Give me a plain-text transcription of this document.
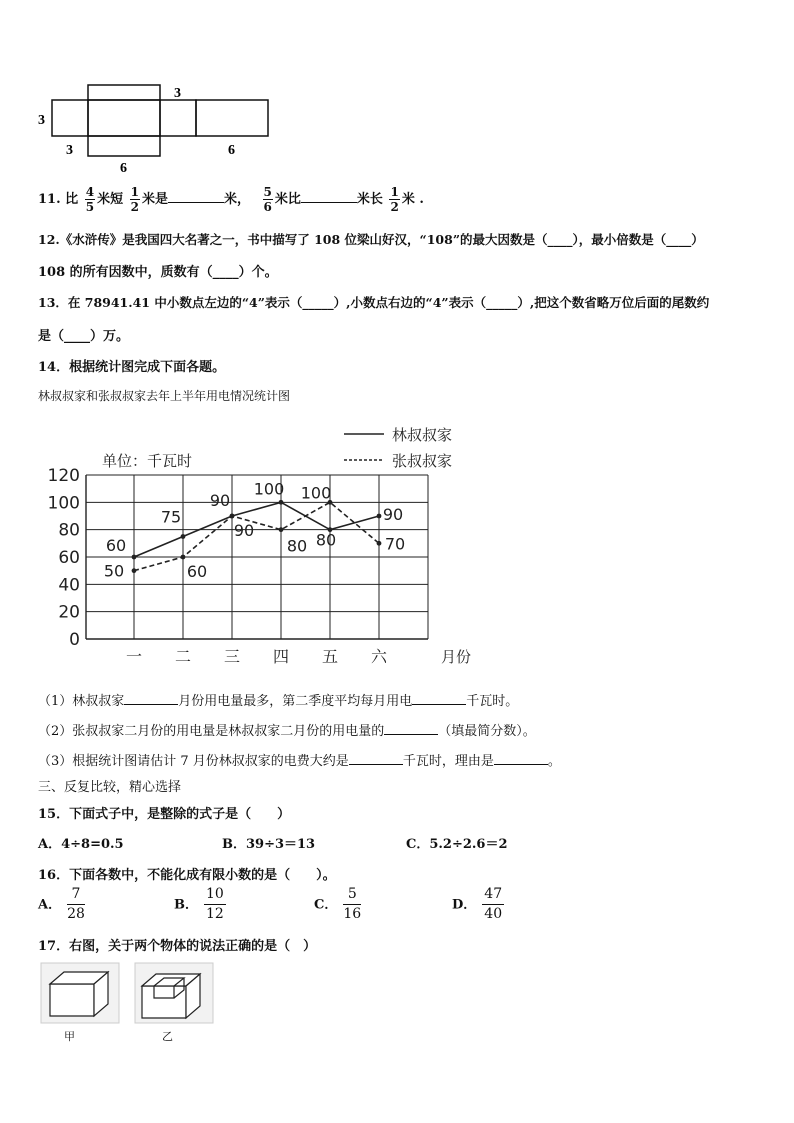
3
3
3
6
6
11. 比 $\frac{4}{5}$ 米短 $\frac{1}{2}$ 米是	米， $\frac{5}{6}$ 米比	米长 $\frac{1}{2}$ 米 .
12.《水浒传》是我国四大名著之一，书中描写了 108 位梁山好汉，“108”的最大因数是（____），最小倍数是（____）
108 的所有因数中，质数有（____）个。
13．在 78941.41 中小数点左边的“4”表示（_____）,小数点右边的“4”表示（_____）,把这个数省略万位后面的尾数约
是（____）万。
14．根据统计图完成下面各题。
林叔叔家和张叔叔家去年上半年用电情况统计图
0
20
40
60
80
100
120
单位：千瓦时
一 二 三 四 五 六	月份
林叔叔家
张叔叔家
60
75
90
100
80
90
50	60
90
80
100
70
（1）林叔叔家	月份用电量最多，第二季度平均每月用电	千瓦时。
（2）张叔叔家二月份的用电量是林叔叔家二月份的用电量的	（填最简分数）。
（3）根据统计图请估计 7 月份林叔叔家的电费大约是	千瓦时，理由是	。
三、反复比较，精心选择
15．下面式子中，是整除的式子是（　　）
A．4÷8=0.5	B．39÷3＝13	C．5.2÷2.6＝2
16．下面各数中，不能化成有限小数的是（　　）。
A． $\frac{7}{28}$	B． $\frac{10}{12}$	C． $\frac{5}{16}$	D． $\frac{47}{40}$
17．右图，关于两个物体的说法正确的是（　）
甲	乙
